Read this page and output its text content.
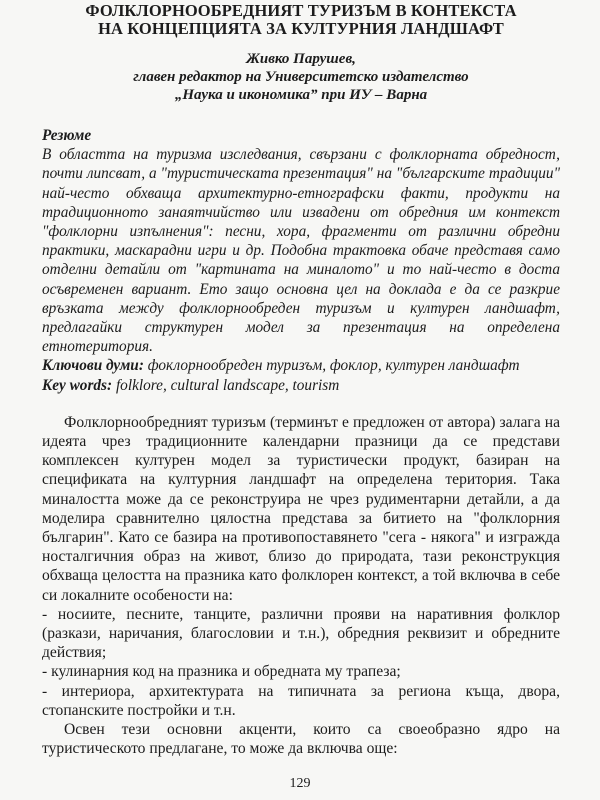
ФОЛКЛОРНООБРЕДНИЯТ ТУРИЗЪМ В КОНТЕКСТА
НА КОНЦЕПЦИЯТА ЗА КУЛТУРНИЯ ЛАНДШАФТ
Живко Парушев,
главен редактор на Университетско издателство
„Наука и икономика” при ИУ – Варна
Резюме
В областта на туризма изследвания, свързани с фолклорната обредност, почти липсват, а "туристическата презентация" на "българските традиции" най-често обхваща архитектурно-етнографски факти, продукти на традиционното занаятчийство или извадени от обредния им контекст "фолклорни изпълнения": песни, хора, фрагменти от различни обредни практики, маскарадни игри и др. Подобна трактовка обаче представя само отделни детайли от "картината на миналото" и то най-често в доста осъвременен вариант. Ето защо основна цел на доклада е да се разкрие връзката между фолклорнообреден туризъм и културен ландшафт, предлагайки структурен модел за презентация на определена етнотеритория.
Ключови думи: фоклорнообреден туризъм, фоклор, културен ландшафт
Key words: folklore, cultural landscape, tourism

Фолклорнообредният туризъм (терминът е предложен от автора) залага на идеята чрез традиционните календарни празници да се представи комплексен културен модел за туристически продукт, базиран на спецификата на културния ландшафт на определена територия. Така миналостта може да се реконструира не чрез рудиментарни детайли, а да моделира сравнително цялостна представа за битието на "фолклорния българин". Като се базира на противопоставянето "сега - някога" и изгражда носталгичния образ на живот, близо до природата, тази реконструкция обхваща целостта на празника като фолклорен контекст, а той включва в себе си локалните особености на:

- носиите, песните, танците, различни прояви на наративния фолклор (разкази, наричания, благословии и т.н.), обредния реквизит и обредните действия;

- кулинарния код на празника и обредната му трапеза;

- интериора, архитектурата на типичната за региона къща, двора, стопанските постройки и т.н.

Освен тези основни акценти, които са своеобразно ядро на туристическото предлагане, то може да включва още:

129
